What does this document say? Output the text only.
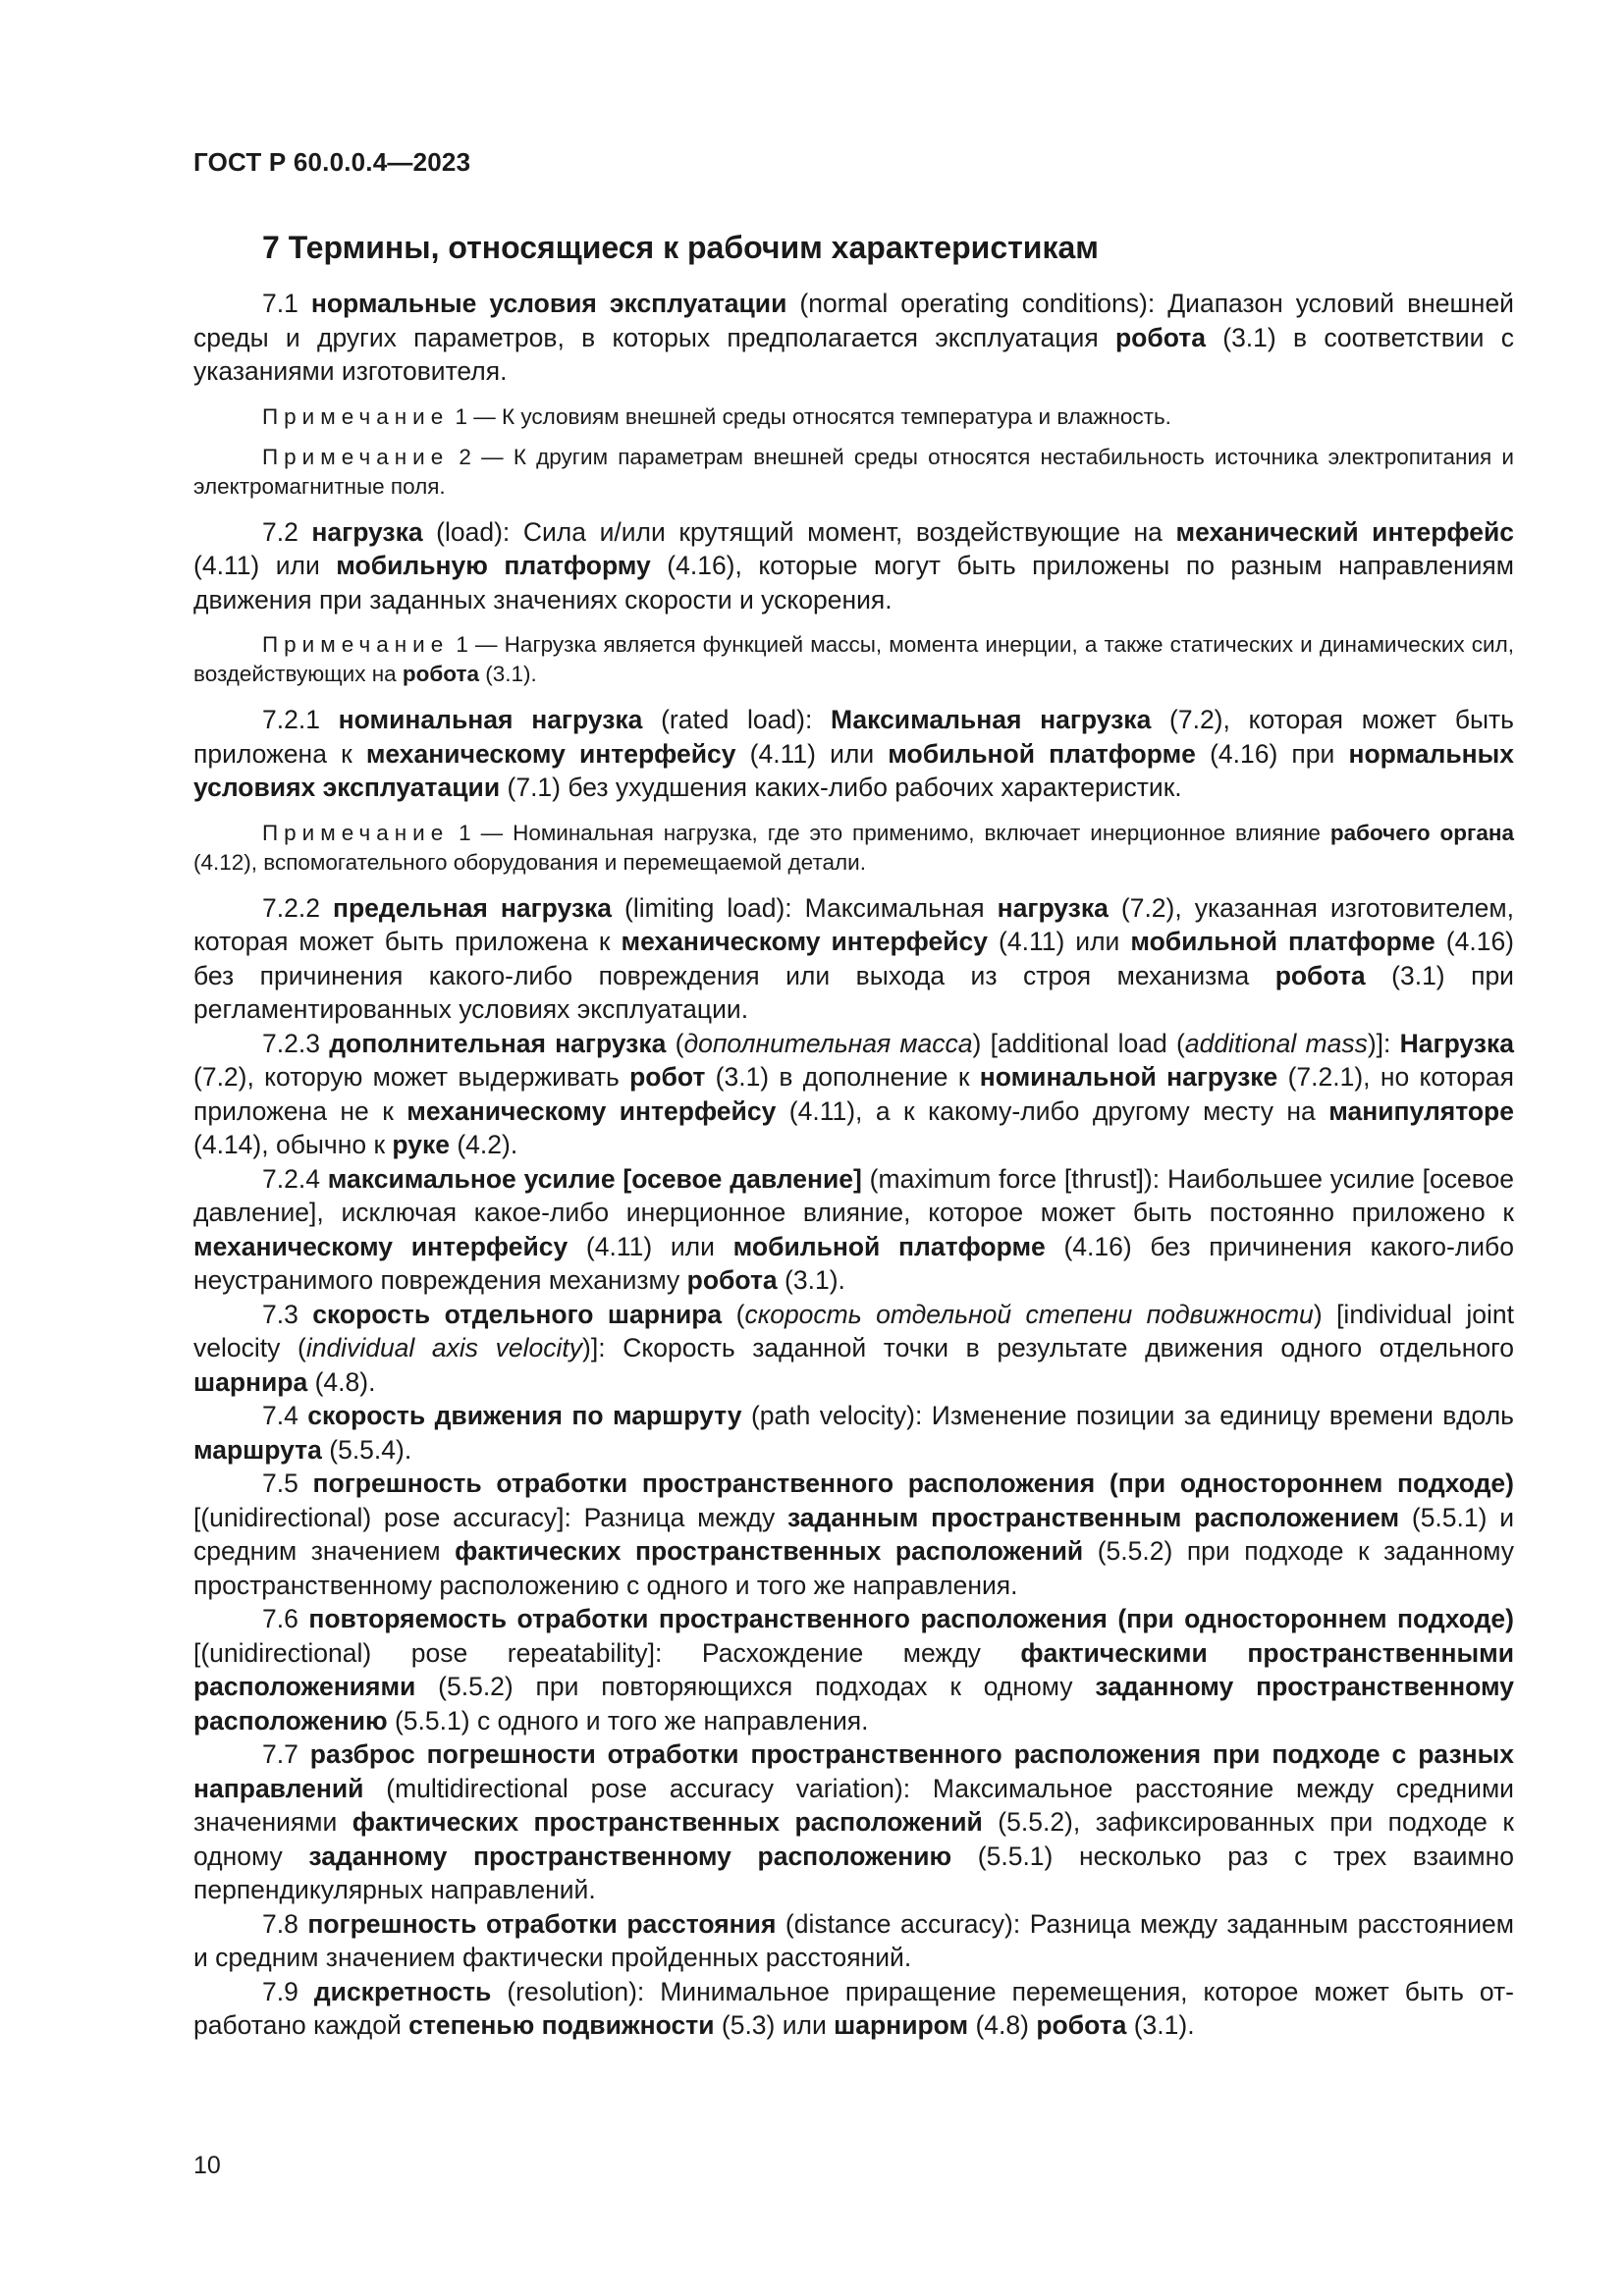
ГОСТ Р 60.0.0.4—2023
7 Термины, относящиеся к рабочим характеристикам

7.1 нормальные условия эксплуатации (normal operating conditions): Диапазон условий внешней среды и других параметров, в которых предполагается эксплуатация робота (3.1) в соответствии с указаниями изготовителя.

Примечание 1 — К условиям внешней среды относятся температура и влажность.

Примечание 2 — К другим параметрам внешней среды относятся нестабильность источника электропитания и электромагнитные поля.

7.2 нагрузка (load): Сила и/или крутящий момент, воздействующие на механический интерфейс (4.11) или мобильную платформу (4.16), которые могут быть приложены по разным направлениям движения при заданных значениях скорости и ускорения.

Примечание 1 — Нагрузка является функцией массы, момента инерции, а также статических и динамических сил, воздействующих на робота (3.1).

7.2.1 номинальная нагрузка (rated load): Максимальная нагрузка (7.2), которая может быть приложена к механическому интерфейсу (4.11) или мобильной платформе (4.16) при нормальных условиях эксплуатации (7.1) без ухудшения каких-либо рабочих характеристик.

Примечание 1 — Номинальная нагрузка, где это применимо, включает инерционное влияние рабочего органа (4.12), вспомогательного оборудования и перемещаемой детали.

7.2.2 предельная нагрузка (limiting load): Максимальная нагрузка (7.2), указанная изготовителем, которая может быть приложена к механическому интерфейсу (4.11) или мобильной платформе (4.16) без причинения какого-либо повреждения или выхода из строя механизма робота (3.1) при регламентированных условиях эксплуатации.

7.2.3 дополнительная нагрузка (дополнительная масса) [additional load (additional mass)]: Нагрузка (7.2), которую может выдерживать робот (3.1) в дополнение к номинальной нагрузке (7.2.1), но которая приложена не к механическому интерфейсу (4.11), а к какому-либо другому месту на манипуляторе (4.14), обычно к руке (4.2).

7.2.4 максимальное усилие [осевое давление] (maximum force [thrust]): Наибольшее усилие [осевое давление], исключая какое-либо инерционное влияние, которое может быть постоянно приложено к механическому интерфейсу (4.11) или мобильной платформе (4.16) без причинения какого-либо неустранимого повреждения механизму робота (3.1).

7.3 скорость отдельного шарнира (скорость отдельной степени подвижности) [individual joint velocity (individual axis velocity)]: Скорость заданной точки в результате движения одного отдельного шарнира (4.8).

7.4 скорость движения по маршруту (path velocity): Изменение позиции за единицу времени вдоль маршрута (5.5.4).

7.5 погрешность отработки пространственного расположения (при одностороннем подходе) [(unidirectional) pose accuracy]: Разница между заданным пространственным расположением (5.5.1) и средним значением фактических пространственных расположений (5.5.2) при подходе к заданному пространственному расположению с одного и того же направления.

7.6 повторяемость отработки пространственного расположения (при одностороннем подходе) [(unidirectional) pose repeatability]: Расхождение между фактическими пространственными расположениями (5.5.2) при повторяющихся подходах к одному заданному пространственному расположению (5.5.1) с одного и того же направления.

7.7 разброс погрешности отработки пространственного расположения при подходе с разных направлений (multidirectional pose accuracy variation): Максимальное расстояние между средними значениями фактических пространственных расположений (5.5.2), зафиксированных при подходе к одному заданному пространственному расположению (5.5.1) несколько раз с трех взаимно перпендикулярных направлений.

7.8 погрешность отработки расстояния (distance accuracy): Разница между заданным расстоянием и средним значением фактически пройденных расстояний.

7.9 дискретность (resolution): Минимальное приращение перемещения, которое может быть отработано каждой степенью подвижности (5.3) или шарниром (4.8) робота (3.1).

10
